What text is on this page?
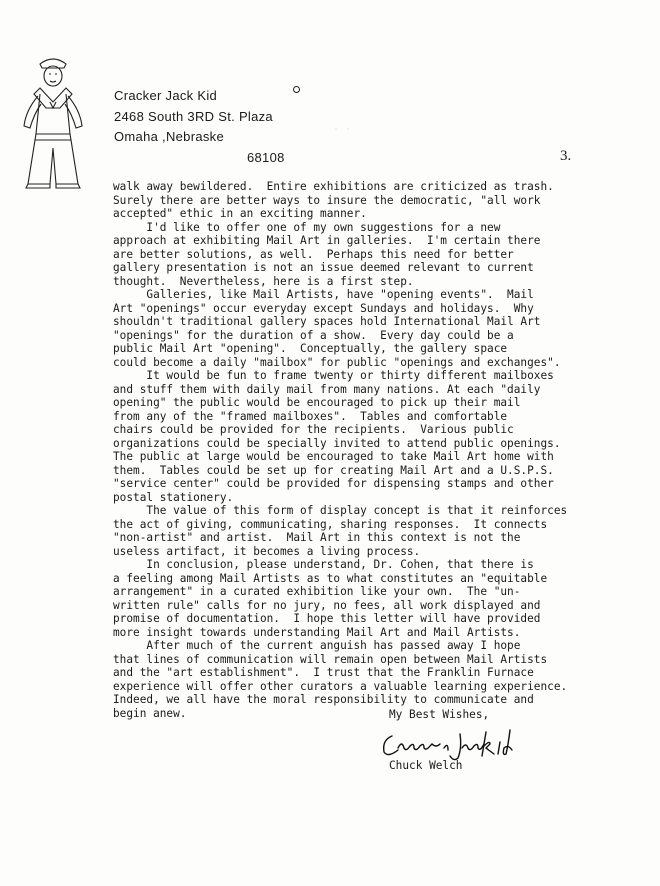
Cracker Jack Kid
2468 South 3RD St. Plaza
Omaha ,Nebraske
68108
· ·
3.

walk away bewildered.  Entire exhibitions are criticized as trash.

Surely there are better ways to insure the democratic, "all work

accepted" ethic in an exciting manner.

I'd like to offer one of my own suggestions for a new

approach at exhibiting Mail Art in galleries.  I'm certain there

are better solutions, as well.  Perhaps this need for better

gallery presentation is not an issue deemed relevant to current

thought.  Nevertheless, here is a first step.

Galleries, like Mail Artists, have "opening events".  Mail

Art "openings" occur everyday except Sundays and holidays.  Why

shouldn't traditional gallery spaces hold International Mail Art

"openings" for the duration of a show.  Every day could be a

public Mail Art "opening".  Conceptually, the gallery space

could become a daily "mailbox" for public "openings and exchanges".

It would be fun to frame twenty or thirty different mailboxes

and stuff them with daily mail from many nations. At each "daily

opening" the public would be encouraged to pick up their mail

from any of the "framed mailboxes".  Tables and comfortable

chairs could be provided for the recipients.  Various public

organizations could be specially invited to attend public openings.

The public at large would be encouraged to take Mail Art home with

them.  Tables could be set up for creating Mail Art and a U.S.P.S.

"service center" could be provided for dispensing stamps and other

postal stationery.

The value of this form of display concept is that it reinforces

the act of giving, communicating, sharing responses.  It connects

"non-artist" and artist.  Mail Art in this context is not the

useless artifact, it becomes a living process.

In conclusion, please understand, Dr. Cohen, that there is

a feeling among Mail Artists as to what constitutes an "equitable

arrangement" in a curated exhibition like your own.  The "un-

written rule" calls for no jury, no fees, all work displayed and

promise of documentation.  I hope this letter will have provided

more insight towards understanding Mail Art and Mail Artists.

After much of the current anguish has passed away I hope

that lines of communication will remain open between Mail Artists

and the "art establishment".  I trust that the Franklin Furnace

experience will offer other curators a valuable learning experience.

Indeed, we all have the moral responsibility to communicate and

begin anew.	My Best Wishes,
Chuck Welch
